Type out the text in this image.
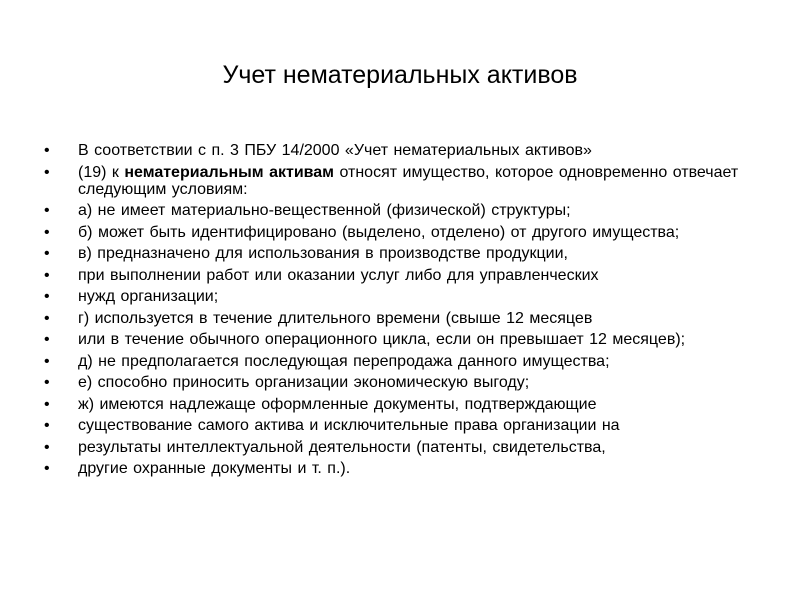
Учет нематериальных активов
•	В соответствии с п. 3 ПБУ 14/2000 «Учет нематериальных активов»
•	(19) к нематериальным активам относят имущество, которое одновременно отвечает следующим условиям:
•	а) не имеет материально-вещественной (физической) структуры;
•	б) может быть идентифицировано (выделено, отделено) от другого имущества;
•	в) предназначено для использования в производстве продукции,
•	при выполнении работ или оказании услуг либо для управленческих
•	нужд организации;
•	г) используется в течение длительного времени (свыше 12 месяцев
•	или в течение обычного операционного цикла, если он превышает 12 месяцев);
•	д) не предполагается последующая перепродажа данного имущества;
•	е) способно приносить организации экономическую выгоду;
•	ж) имеются надлежаще оформленные документы, подтверждающие
•	существование самого актива и исключительные права организации на
•	результаты интеллектуальной деятельности (патенты, свидетельства,
•	другие охранные документы и т. п.).
